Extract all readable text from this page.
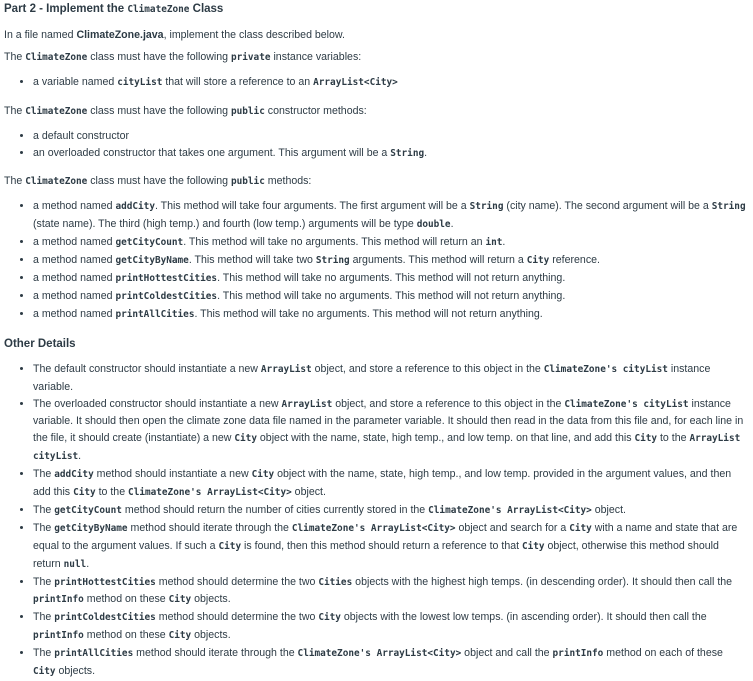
Part 2 - Implement the ClimateZone Class

In a file named ClimateZone.java, implement the class described below.

The ClimateZone class must have the following private instance variables:

• a variable named cityList that will store a reference to an ArrayList<City>

The ClimateZone class must have the following public constructor methods:

• a default constructor
• an overloaded constructor that takes one argument. This argument will be a String.

The ClimateZone class must have the following public methods:

• a method named addCity. This method will take four arguments. The first argument will be a String (city name). The second argument will be a String (state name). The third (high temp.) and fourth (low temp.) arguments will be type double.
• a method named getCityCount. This method will take no arguments. This method will return an int.
• a method named getCityByName. This method will take two String arguments. This method will return a City reference.
• a method named printHottestCities. This method will take no arguments. This method will not return anything.
• a method named printColdestCities. This method will take no arguments. This method will not return anything.
• a method named printAllCities. This method will take no arguments. This method will not return anything.
Other Details
• The default constructor should instantiate a new ArrayList object, and store a reference to this object in the ClimateZone's cityList instance variable.
• The overloaded constructor should instantiate a new ArrayList object, and store a reference to this object in the ClimateZone's cityList instance variable. It should then open the climate zone data file named in the parameter variable. It should then read in the data from this file and, for each line in the file, it should create (instantiate) a new City object with the name, state, high temp., and low temp. on that line, and add this City to the ArrayList cityList.
• The addCity method should instantiate a new City object with the name, state, high temp., and low temp. provided in the argument values, and then add this City to the ClimateZone's ArrayList<City> object.
• The getCityCount method should return the number of cities currently stored in the ClimateZone's ArrayList<City> object.
• The getCityByName method should iterate through the ClimateZone's ArrayList<City> object and search for a City with a name and state that are equal to the argument values. If such a City is found, then this method should return a reference to that City object, otherwise this method should return null.
• The printHottestCities method should determine the two Cities objects with the highest high temps. (in descending order). It should then call the printInfo method on these City objects.
• The printColdestCities method should determine the two City objects with the lowest low temps. (in ascending order). It should then call the printInfo method on these City objects.
• The printAllCities method should iterate through the ClimateZone's ArrayList<City> object and call the printInfo method on each of these City objects.
